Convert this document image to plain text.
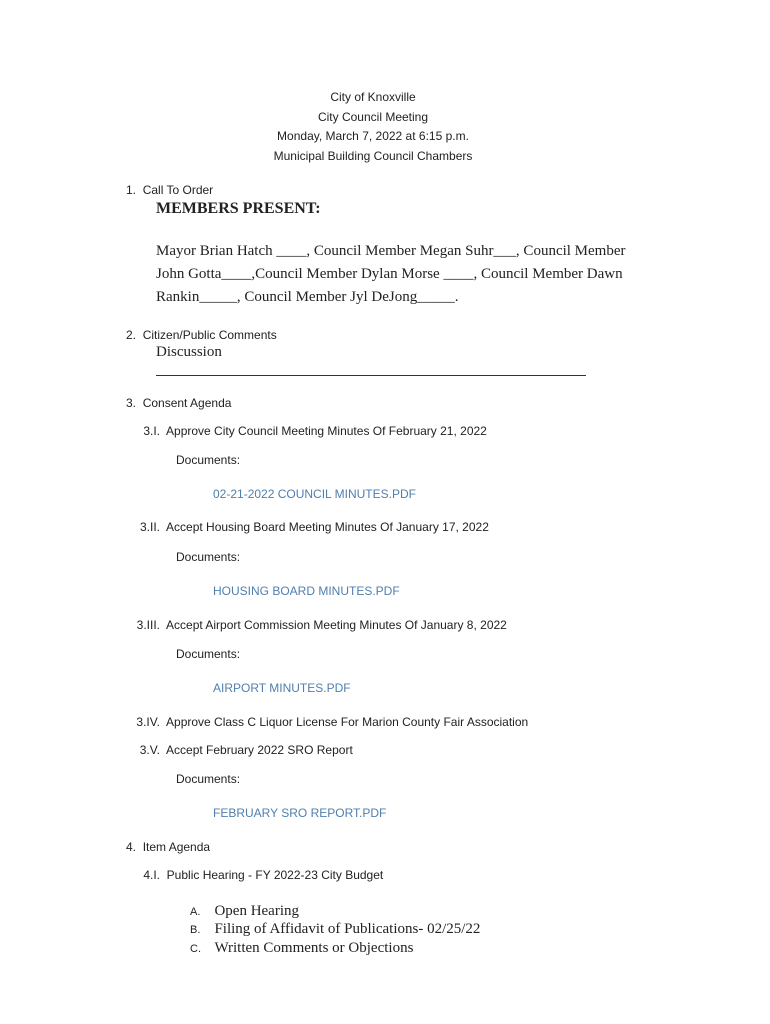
City of Knoxville
City Council Meeting
Monday, March 7, 2022 at 6:15 p.m.
Municipal Building Council Chambers
1. Call To Order
MEMBERS PRESENT:
Mayor Brian Hatch ____, Council Member Megan Suhr___, Council Member John Gotta____,Council Member Dylan Morse ____, Council Member Dawn Rankin_____, Council Member Jyl DeJong_____.
2. Citizen/Public Comments
Discussion
3. Consent Agenda
3.I. Approve City Council Meeting Minutes Of February 21, 2022
Documents:
02-21-2022 COUNCIL MINUTES.PDF
3.II. Accept Housing Board Meeting Minutes Of January 17, 2022
Documents:
HOUSING BOARD MINUTES.PDF
3.III. Accept Airport Commission Meeting Minutes Of January 8, 2022
Documents:
AIRPORT MINUTES.PDF
3.IV. Approve Class C Liquor License For Marion County Fair Association
3.V. Accept February 2022 SRO Report
Documents:
FEBRUARY SRO REPORT.PDF
4. Item Agenda
4.I. Public Hearing - FY 2022-23 City Budget
A. Open Hearing
B. Filing of Affidavit of Publications- 02/25/22
C. Written Comments or Objections
